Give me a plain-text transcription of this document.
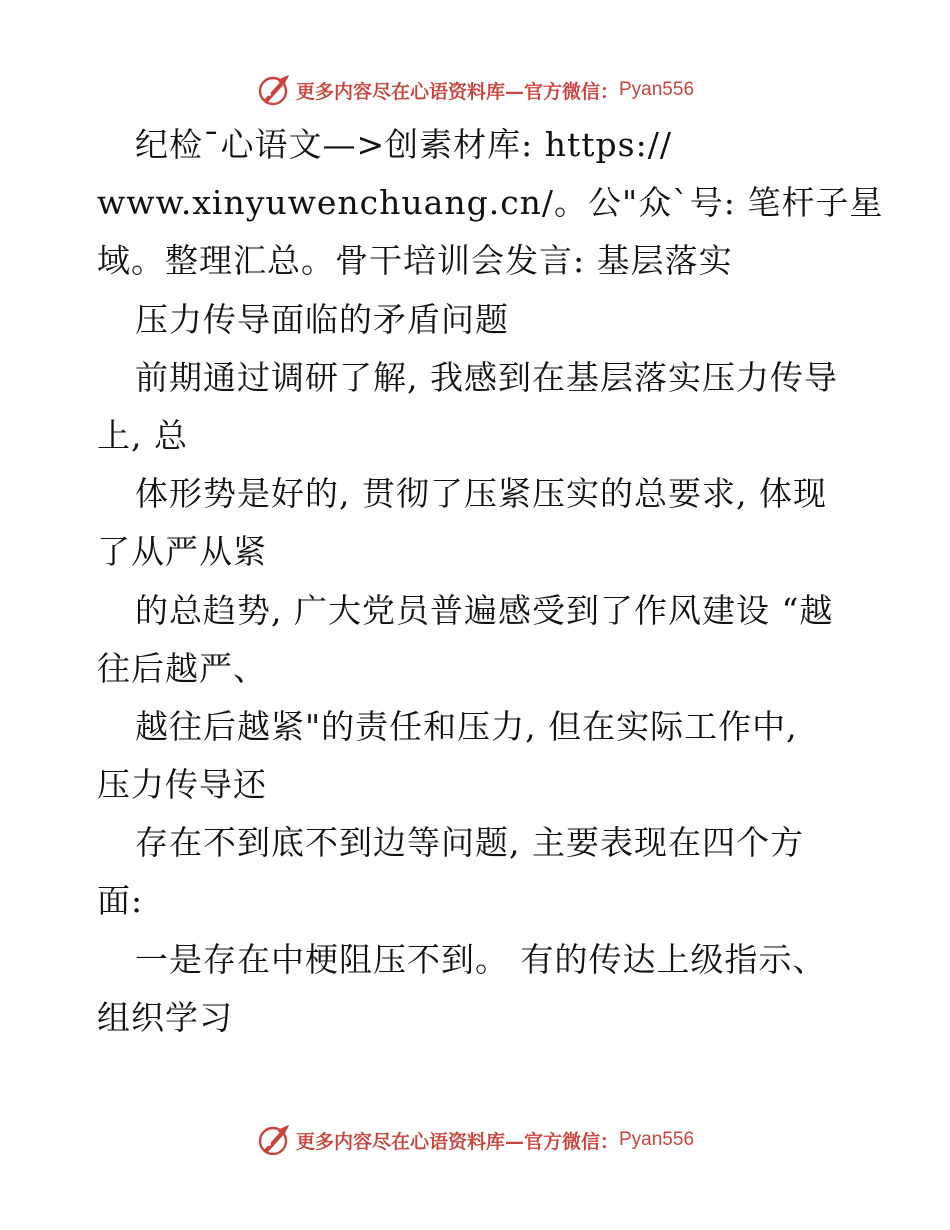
更多内容尽在心语资料库—官方微信： Pyan556
纪检¯心语文—>创素材库: https://
www.xinyuwenchuang.cn/。公"众`号: 笔杆子星
域。整理汇总。骨干培训会发言: 基层落实
压力传导面临的矛盾问题
前期通过调研了解, 我感到在基层落实压力传导
上, 总
体形势是好的, 贯彻了压紧压实的总要求, 体现
了从严从紧
的总趋势, 广大党员普遍感受到了作风建设 “越
往后越严、
越往后越紧"的责任和压力, 但在实际工作中,
压力传导还
存在不到底不到边等问题, 主要表现在四个方
面:
一是存在中梗阻压不到。 有的传达上级指示、
组织学习
更多内容尽在心语资料库—官方微信： Pyan556
